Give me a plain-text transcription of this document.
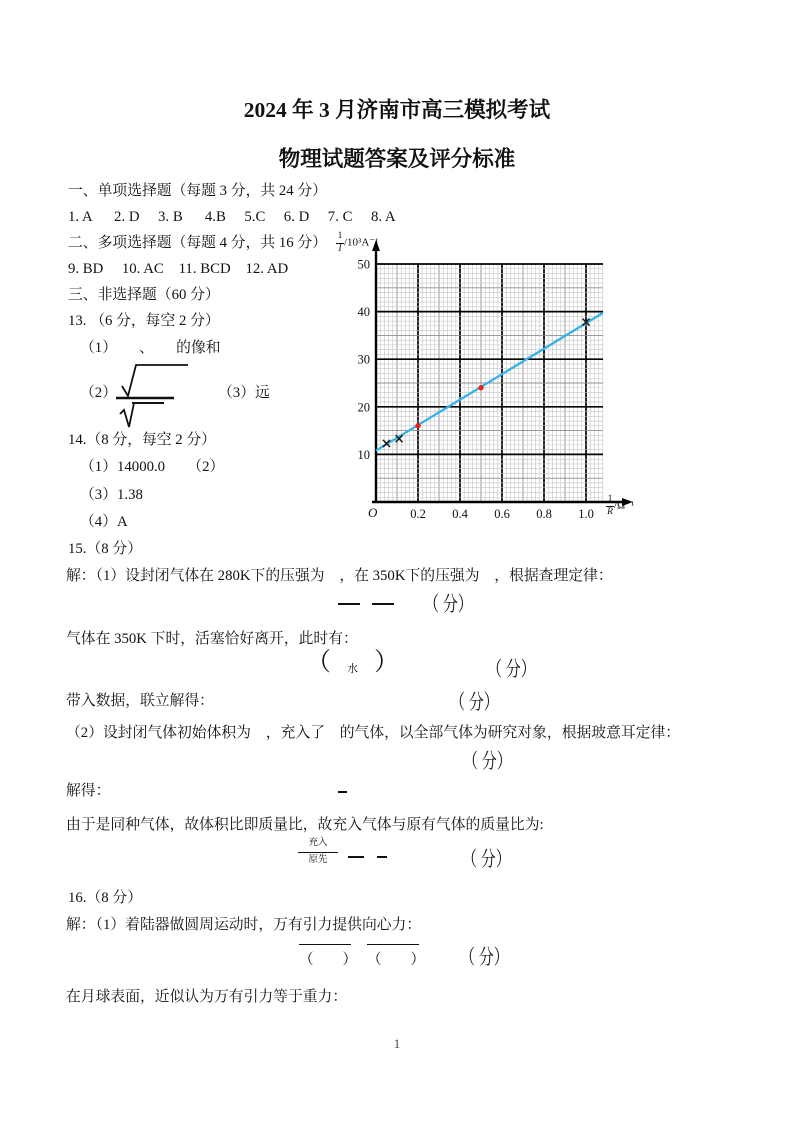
2024 年 3 月济南市高三模拟考试
物理试题答案及评分标准
一、单项选择题（每题 3 分，共 24 分）
1. A      2. D     3. B      4.B     5.C     6. D     7. C     8. A
二、多项选择题（每题 4 分，共 16 分）
9. BD     10. AC    11. BCD    12. AD
三、非选择题（60 分）
13. （6 分，每空 2 分）
（1）　　、　　的像和
（2）	（3）远
14.（8 分，每空 2 分）
（1）14000.0　　（2）
（3）1.38
（4）A
15.（8 分）
解：（1）设封闭气体在 280K下的压强为　，在 350K下的压强为　，根据查理定律：
（ 分）
气体在 350K 下时，活塞恰好离开，此时有：
（ $_水$ ）	（ 分）
带入数据，联立解得：	（ 分）
（2）设封闭气体初始体积为　，充入了　的气体，以全部气体为研究对象，根据玻意耳定律：
（ 分）
解得：
由于是同种气体，故体积比即质量比，故充入气体与原有气体的质量比为:
充入
原先	（ 分）
16.（8 分）
解：（1）着陆器做圆周运动时，万有引力提供向心力：
（　　） （　　） （ 分）
在月球表面，近似认为万有引力等于重力：
10
20
30
40
50
0.2 0.4 0.6 0.8 1.0
O
$\frac{1}{I} /10^3A^{-1}$
$\frac{1}{R} /\Omega^{-1}$
1
